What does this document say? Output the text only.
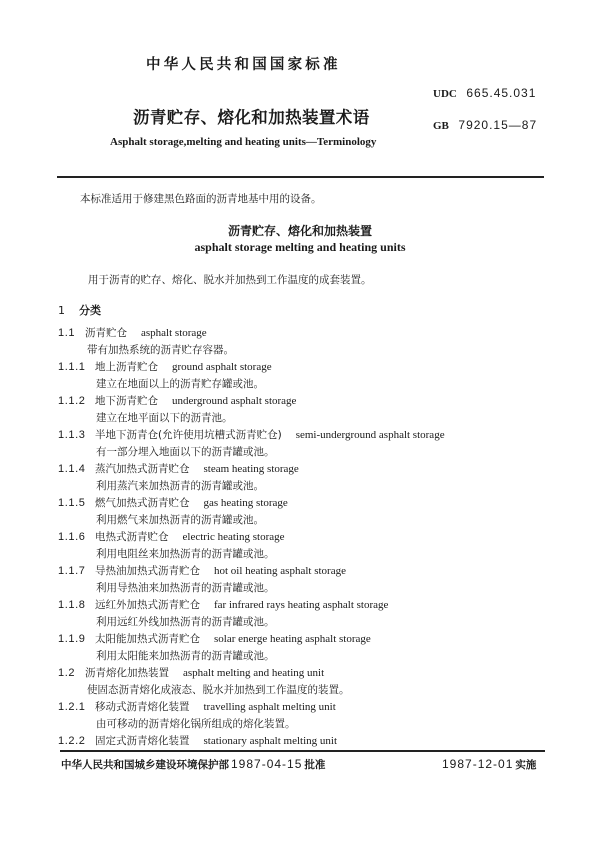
中华人民共和国国家标准
UDC 665.45.031
沥青贮存、熔化和加热装置术语	GB 7920.15—87
Asphalt storage,melting and heating units—Terminology
本标准适用于修建黑色路面的沥青地基中用的设备。
沥青贮存、熔化和加热装置
asphalt storage melting and heating units
用于沥青的贮存、熔化、脱水并加热到工作温度的成套装置。
1 分类
1.1 沥青贮仓 asphalt storage
带有加热系统的沥青贮存容器。
1.1.1 地上沥青贮仓 ground asphalt storage
建立在地面以上的沥青贮存罐或池。
1.1.2 地下沥青贮仓 underground asphalt storage
建立在地平面以下的沥青池。
1.1.3 半地下沥青仓(允许使用坑槽式沥青贮仓) semi-underground asphalt storage
有一部分埋入地面以下的沥青罐或池。
1.1.4 蒸汽加热式沥青贮仓 steam heating storage
利用蒸汽来加热沥青的沥青罐或池。
1.1.5 燃气加热式沥青贮仓 gas heating storage
利用燃气来加热沥青的沥青罐或池。
1.1.6 电热式沥青贮仓 electric heating storage
利用电阻丝来加热沥青的沥青罐或池。
1.1.7 导热油加热式沥青贮仓 hot oil heating asphalt storage
利用导热油来加热沥青的沥青罐或池。
1.1.8 远红外加热式沥青贮仓 far infrared rays heating asphalt storage
利用远红外线加热沥青的沥青罐或池。
1.1.9 太阳能加热式沥青贮仓 solar energe heating asphalt storage
利用太阳能来加热沥青的沥青罐或池。
1.2 沥青熔化加热装置 asphalt melting and heating unit
使固态沥青熔化成液态、脱水并加热到工作温度的装置。
1.2.1 移动式沥青熔化装置 travelling asphalt melting unit
由可移动的沥青熔化锅所组成的熔化装置。
1.2.2 固定式沥青熔化装置 stationary asphalt melting unit
中华人民共和国城乡建设环境保护部 1987-04-15 批准	1987-12-01 实施
